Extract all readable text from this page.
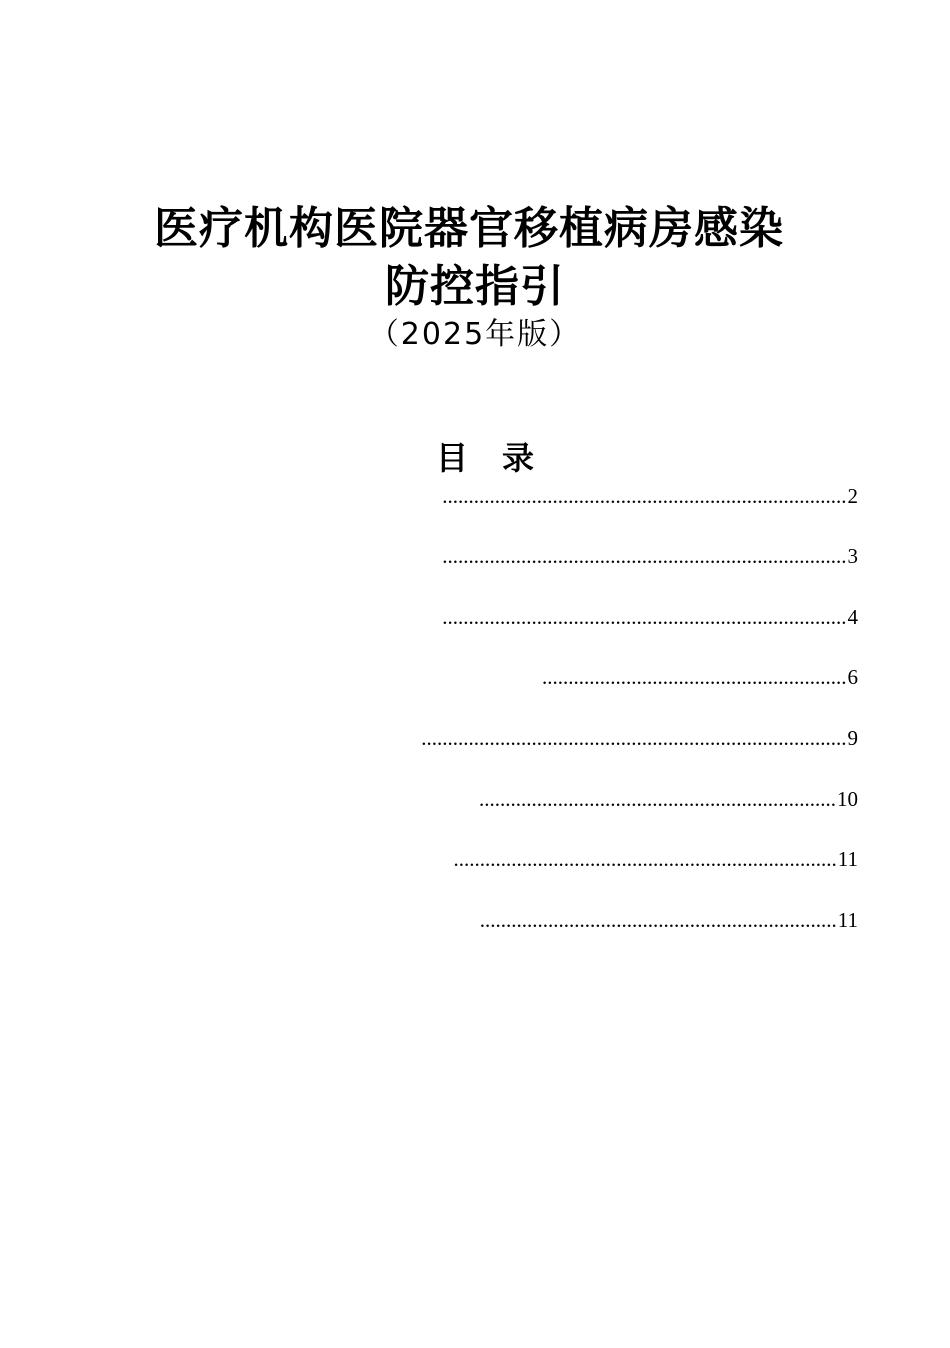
医疗机构医院器官移植病房感染
防控指引
（2025年版）
目录
............................................................................. 2
............................................................................. 3
............................................................................. 4
.......................................................... 6
................................................................................. 9
.................................................................... 10
......................................................................... 11
.................................................................... 11
